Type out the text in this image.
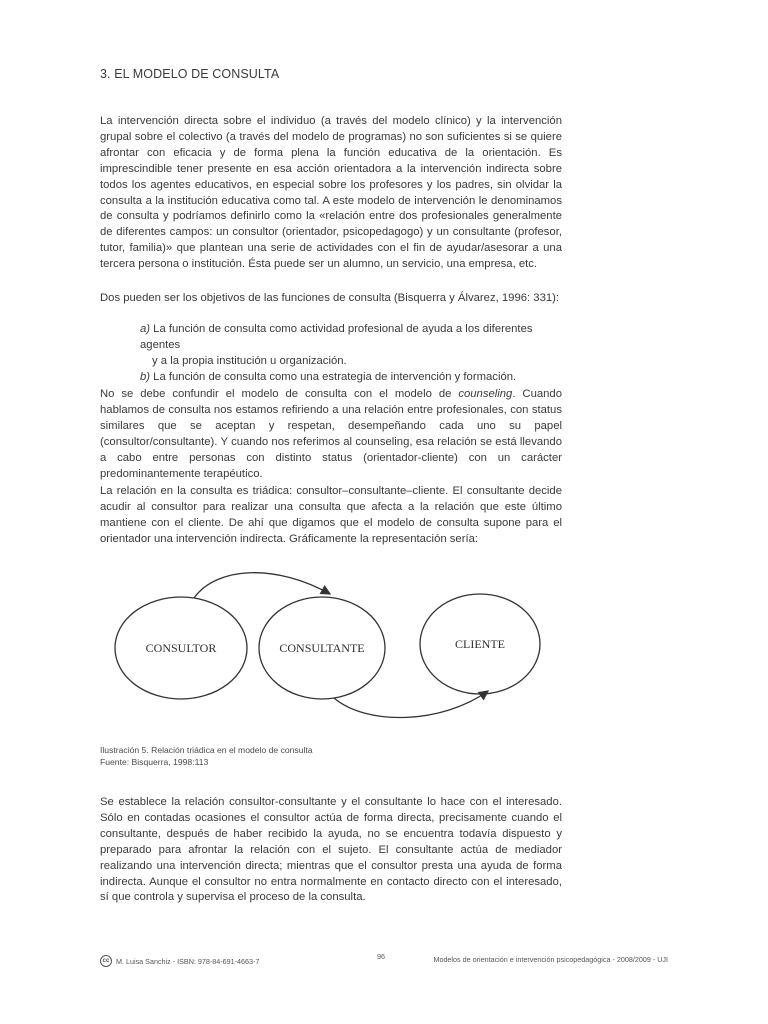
3. EL MODELO DE CONSULTA

La intervención directa sobre el individuo (a través del modelo clínico) y la intervención grupal sobre el colectivo (a través del modelo de programas) no son suficientes si se quiere afrontar con eficacia y de forma plena la función educativa de la orientación. Es imprescindible tener presente en esa acción orientadora a la intervención indirecta sobre todos los agentes educativos, en especial sobre los profesores y los padres, sin olvidar la consulta a la institución educativa como tal. A este modelo de intervención le denominamos de consulta y podríamos definirlo como la «relación entre dos profesionales generalmente de diferentes campos: un consultor (orientador, psicopedagogo) y un consultante (profesor, tutor, familia)» que plantean una serie de actividades con el fin de ayudar/asesorar a una tercera persona o institución. Ésta puede ser un alumno, un servicio, una empresa, etc.

Dos pueden ser los objetivos de las funciones de consulta (Bisquerra y Álvarez, 1996: 331):

a) La función de consulta como actividad profesional de ayuda a los diferentes agentes
y a la propia institución u organización.
b) La función de consulta como una estrategia de intervención y formación.

No se debe confundir el modelo de consulta con el modelo de counseling. Cuando hablamos de consulta nos estamos refiriendo a una relación entre profesionales, con status similares que se aceptan y respetan, desempeñando cada uno su papel (consultor/consultante). Y cuando nos referimos al counseling, esa relación se está llevando a cabo entre personas con distinto status (orientador-cliente) con un carácter predominantemente terapéutico.

La relación en la consulta es triádica: consultor–consultante–cliente. El consultante decide acudir al consultor para realizar una consulta que afecta a la relación que este último mantiene con el cliente. De ahí que digamos que el modelo de consulta supone para el orientador una intervención indirecta. Gráficamente la representación sería:

CONSULTOR	CONSULTANTE	CLIENTE
Ilustración 5. Relación triádica en el modelo de consulta
Fuente: Bisquerra, 1998:113

Se establece la relación consultor-consultante y el consultante lo hace con el interesado. Sólo en contadas ocasiones el consultor actúa de forma directa, precisamente cuando el consultante, después de haber recibido la ayuda, no se encuentra todavía dispuesto y preparado para afrontar la relación con el sujeto. El consultante actúa de mediador realizando una intervención directa; mientras que el consultor presta una ayuda de forma indirecta. Aunque el consultor no entra normalmente en contacto directo con el interesado, sí que controla y supervisa el proceso de la consulta.

cc M. Luisa Sanchiz - ISBN: 978-84-691-4663-7	96	Modelos de orientación e intervención psicopedagógica - 2008/2009 - UJI
